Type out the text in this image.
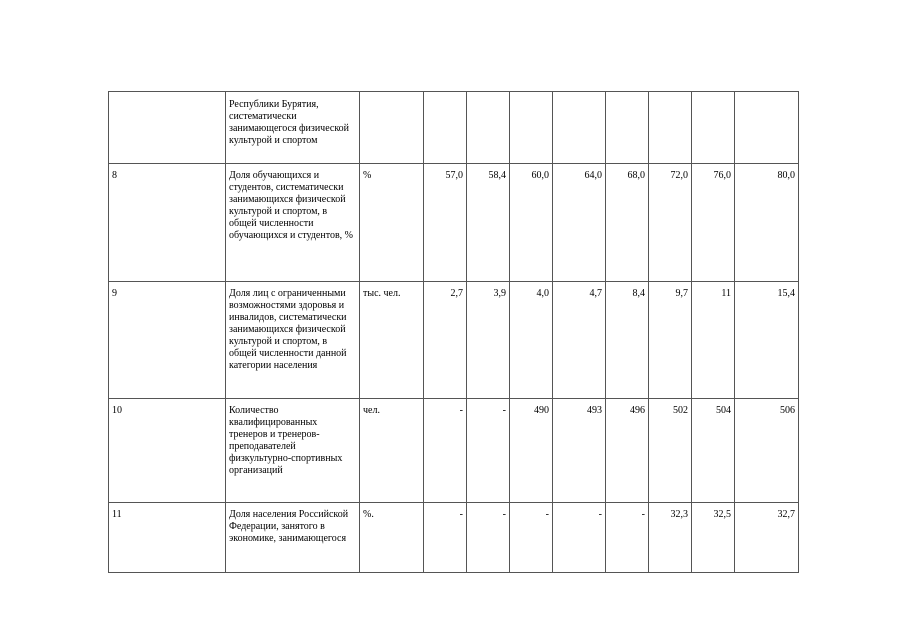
	Республики Бурятия, систематически занимающегося физической культурой и спортом									
8	Доля обучающихся и студентов, систематически занимающихся физической культурой и спортом, в общей численности обучающихся и студентов, %	%	57,0	58,4	60,0	64,0	68,0	72,0	76,0	80,0
9	Доля лиц с ограниченными возможностями здоровья и инвалидов, систематически занимающихся физической культурой и спортом, в общей численности данной категории населения	тыс. чел.	2,7	3,9	4,0	4,7	8,4	9,7	11	15,4
10	Количество квалифицированных тренеров и тренеров-преподавателей физкультурно-спортивных организаций	чел.	-	-	490	493	496	502	504	506
11	Доля населения Российской Федерации, занятого в экономике, занимающегося	%.	-	-	-	-	-	32,3	32,5	32,7
